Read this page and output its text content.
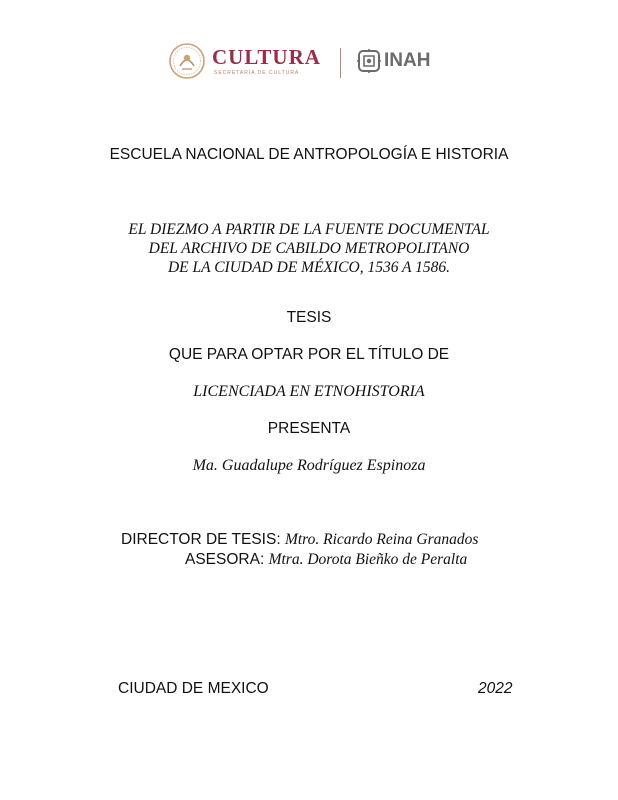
CULTURA
SECRETARÍA DE CULTURA
INAH
ESCUELA NACIONAL DE ANTROPOLOGÍA E HISTORIA
EL DIEZMO A PARTIR DE LA FUENTE DOCUMENTAL
DEL ARCHIVO DE CABILDO METROPOLITANO
DE LA CIUDAD DE MÉXICO, 1536 A 1586.
TESIS
QUE PARA OPTAR POR EL TÍTULO DE
LICENCIADA EN ETNOHISTORIA
PRESENTA
Ma. Guadalupe Rodríguez Espinoza
DIRECTOR DE TESIS: Mtro. Ricardo Reina Granados
ASESORA: Mtra. Dorota Bieñko de Peralta
CIUDAD DE MEXICO	2022
